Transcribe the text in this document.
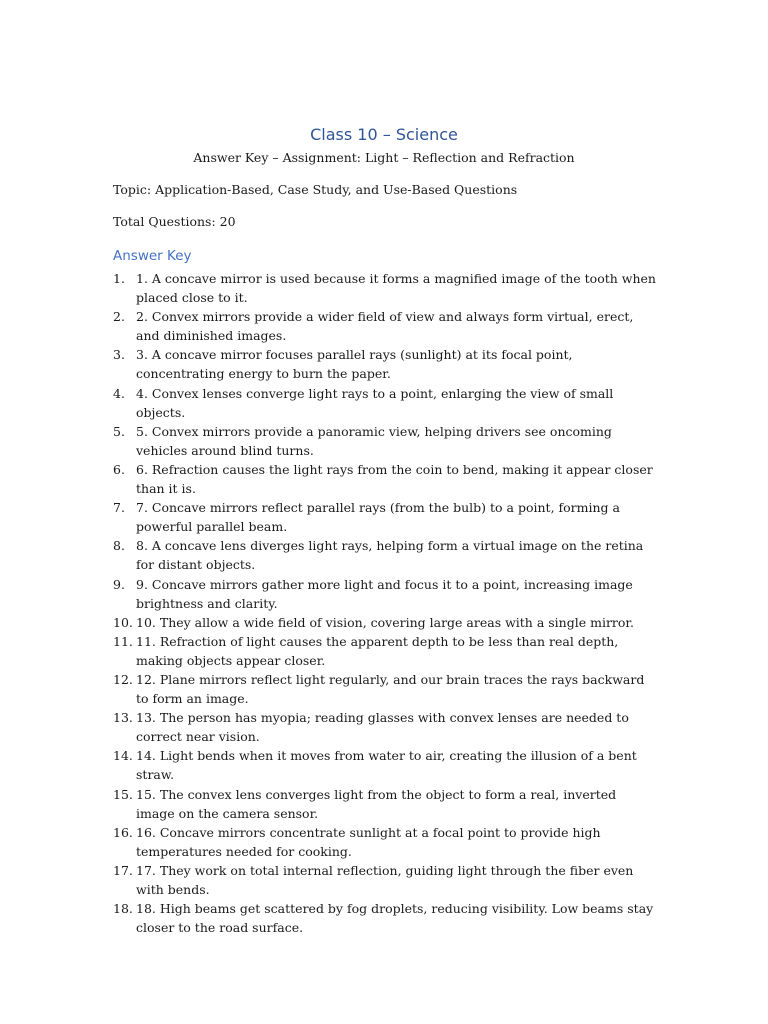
Class 10 – Science
Answer Key – Assignment: Light – Reflection and Refraction
Topic: Application-Based, Case Study, and Use-Based Questions
Total Questions: 20
Answer Key
1. 1. A concave mirror is used because it forms a magnified image of the tooth when placed close to it.
2. 2. Convex mirrors provide a wider field of view and always form virtual, erect, and diminished images.
3. 3. A concave mirror focuses parallel rays (sunlight) at its focal point, concentrating energy to burn the paper.
4. 4. Convex lenses converge light rays to a point, enlarging the view of small objects.
5. 5. Convex mirrors provide a panoramic view, helping drivers see oncoming vehicles around blind turns.
6. 6. Refraction causes the light rays from the coin to bend, making it appear closer than it is.
7. 7. Concave mirrors reflect parallel rays (from the bulb) to a point, forming a powerful parallel beam.
8. 8. A concave lens diverges light rays, helping form a virtual image on the retina for distant objects.
9. 9. Concave mirrors gather more light and focus it to a point, increasing image brightness and clarity.
10. 10. They allow a wide field of vision, covering large areas with a single mirror.
11. 11. Refraction of light causes the apparent depth to be less than real depth, making objects appear closer.
12. 12. Plane mirrors reflect light regularly, and our brain traces the rays backward to form an image.
13. 13. The person has myopia; reading glasses with convex lenses are needed to correct near vision.
14. 14. Light bends when it moves from water to air, creating the illusion of a bent straw.
15. 15. The convex lens converges light from the object to form a real, inverted image on the camera sensor.
16. 16. Concave mirrors concentrate sunlight at a focal point to provide high temperatures needed for cooking.
17. 17. They work on total internal reflection, guiding light through the fiber even with bends.
18. 18. High beams get scattered by fog droplets, reducing visibility. Low beams stay closer to the road surface.
